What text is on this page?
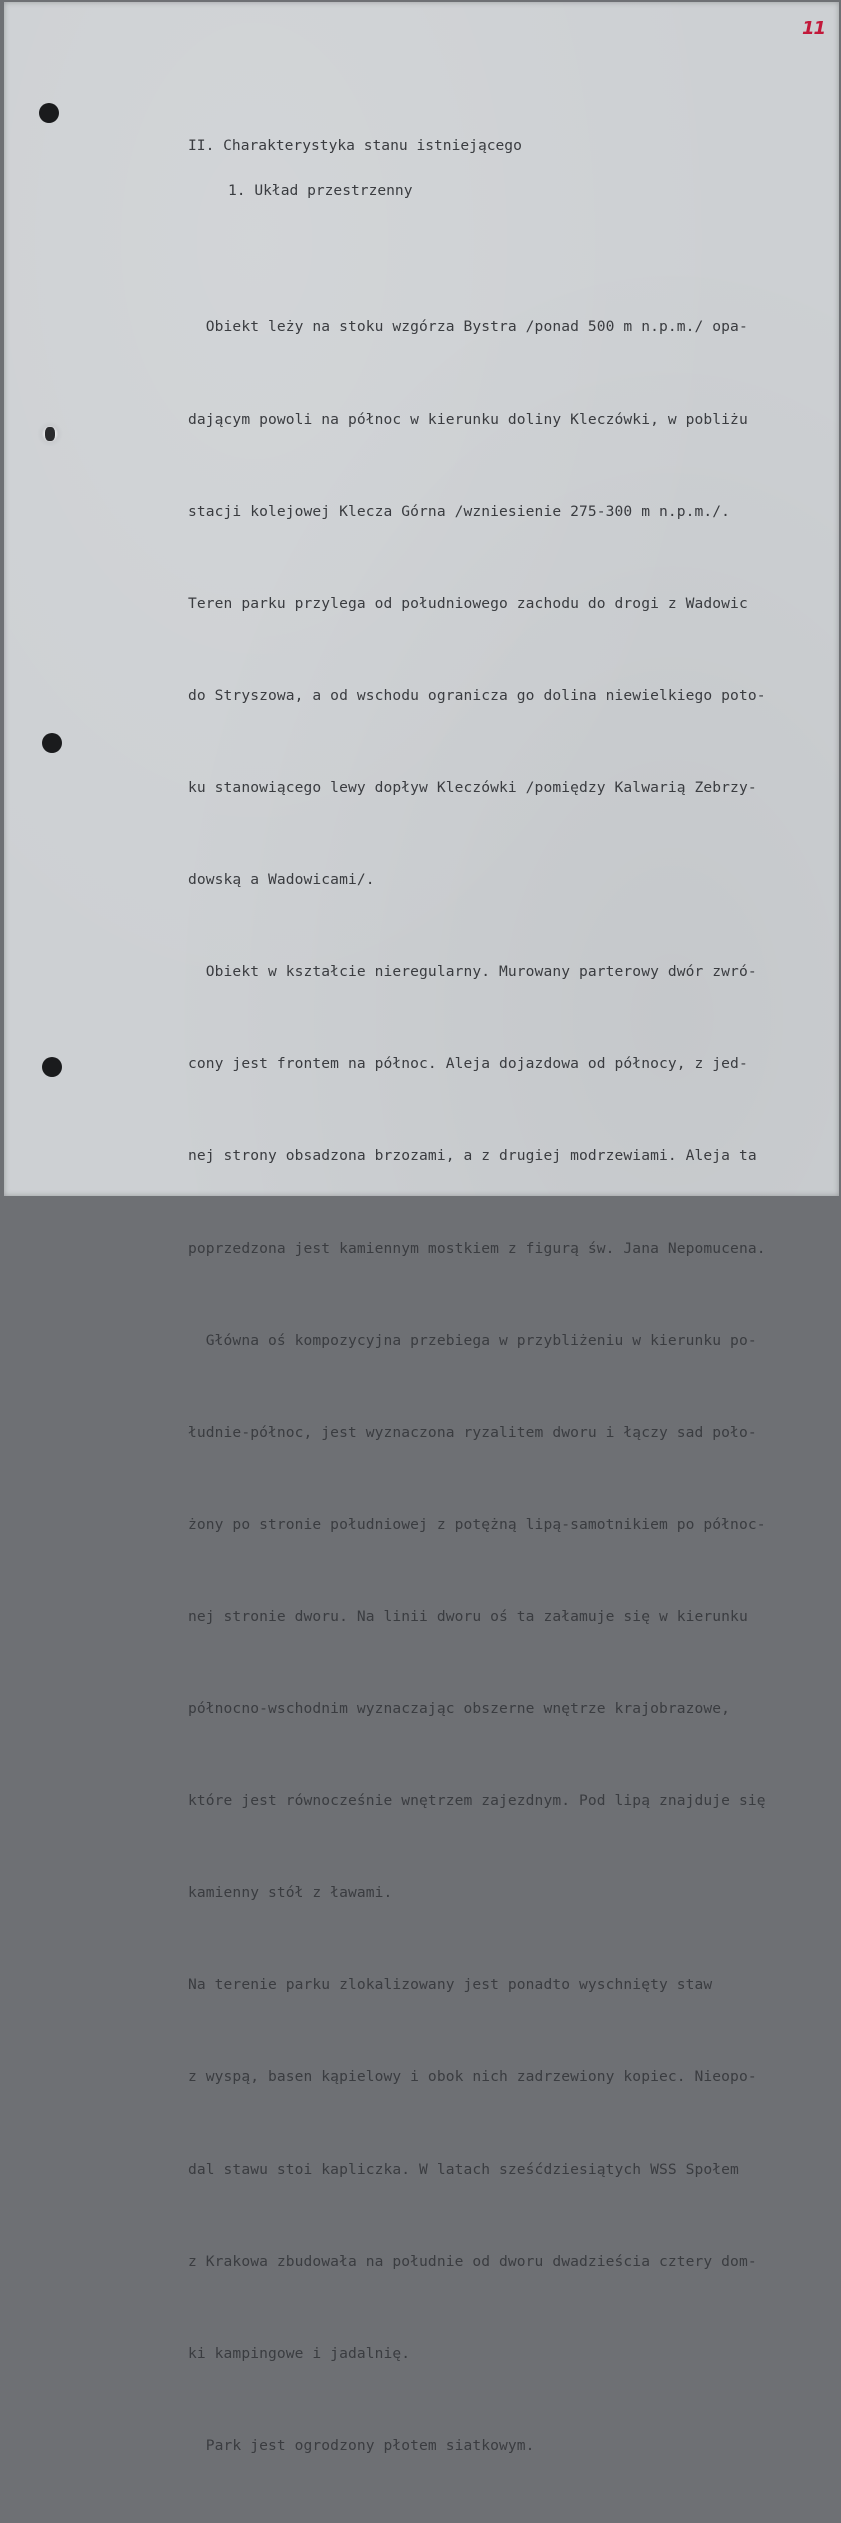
11

II. Charakterystyka stanu istniejącego

1. Układ przestrzenny

Obiekt leży na stoku wzgórza Bystra /ponad 500 m n.p.m./ opa-

dającym powoli na północ w kierunku doliny Kleczówki, w pobliżu

stacji kolejowej Klecza Górna /wzniesienie 275-300 m n.p.m./.

Teren parku przylega od południowego zachodu do drogi z Wadowic

do Stryszowa, a od wschodu ogranicza go dolina niewielkiego poto-

ku stanowiącego lewy dopływ Kleczówki /pomiędzy Kalwarią Zebrzy-

dowską a Wadowicami/.

Obiekt w kształcie nieregularny. Murowany parterowy dwór zwró-

cony jest frontem na północ. Aleja dojazdowa od północy, z jed-

nej strony obsadzona brzozami, a z drugiej modrzewiami. Aleja ta

poprzedzona jest kamiennym mostkiem z figurą św. Jana Nepomucena.

Główna oś kompozycyjna przebiega w przybliżeniu w kierunku po-

łudnie-północ, jest wyznaczona ryzalitem dworu i łączy sad poło-

żony po stronie południowej z potężną lipą-samotnikiem po północ-

nej stronie dworu. Na linii dworu oś ta załamuje się w kierunku

północno-wschodnim wyznaczając obszerne wnętrze krajobrazowe,

które jest równocześnie wnętrzem zajezdnym. Pod lipą znajduje się

kamienny stół z ławami.

Na terenie parku zlokalizowany jest ponadto wyschnięty staw

z wyspą, basen kąpielowy i obok nich zadrzewiony kopiec. Nieopo-

dal stawu stoi kapliczka. W latach sześćdziesiątych WSS Społem

z Krakowa zbudowała na południe od dworu dwadzieścia cztery dom-

ki kampingowe i jadalnię.

Park jest ogrodzony płotem siatkowym.
